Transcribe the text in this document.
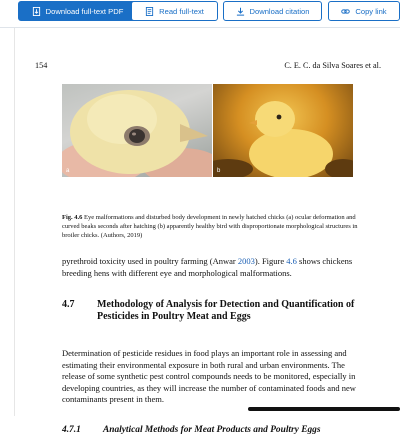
Download full-text PDF	Read full-text	Download citation	Copy link
154	C. E. C. da Silva Soares et al.
a	b
Fig. 4.6 Eye malformations and disturbed body development in newly hatched chicks (a) ocular deformation and curved beaks seconds after hatching (b) apparently healthy bird with disproportionate morphological structures in broiler chicks. (Authors, 2019)
pyrethroid toxicity used in poultry farming (Anwar 2003). Figure 4.6 shows chickens breeding hens with different eye and morphological malformations.
4.7 Methodology of Analysis for Detection and Quantification of Pesticides in Poultry Meat and Eggs
Determination of pesticide residues in food plays an important role in assessing and estimating their environmental exposure in both rural and urban environments. The release of some synthetic pest control compounds needs to be monitored, especially in developing countries, as they will increase the number of contaminated foods and new contaminants present in them.
4.7.1 Analytical Methods for Meat Products and Poultry Eggs
